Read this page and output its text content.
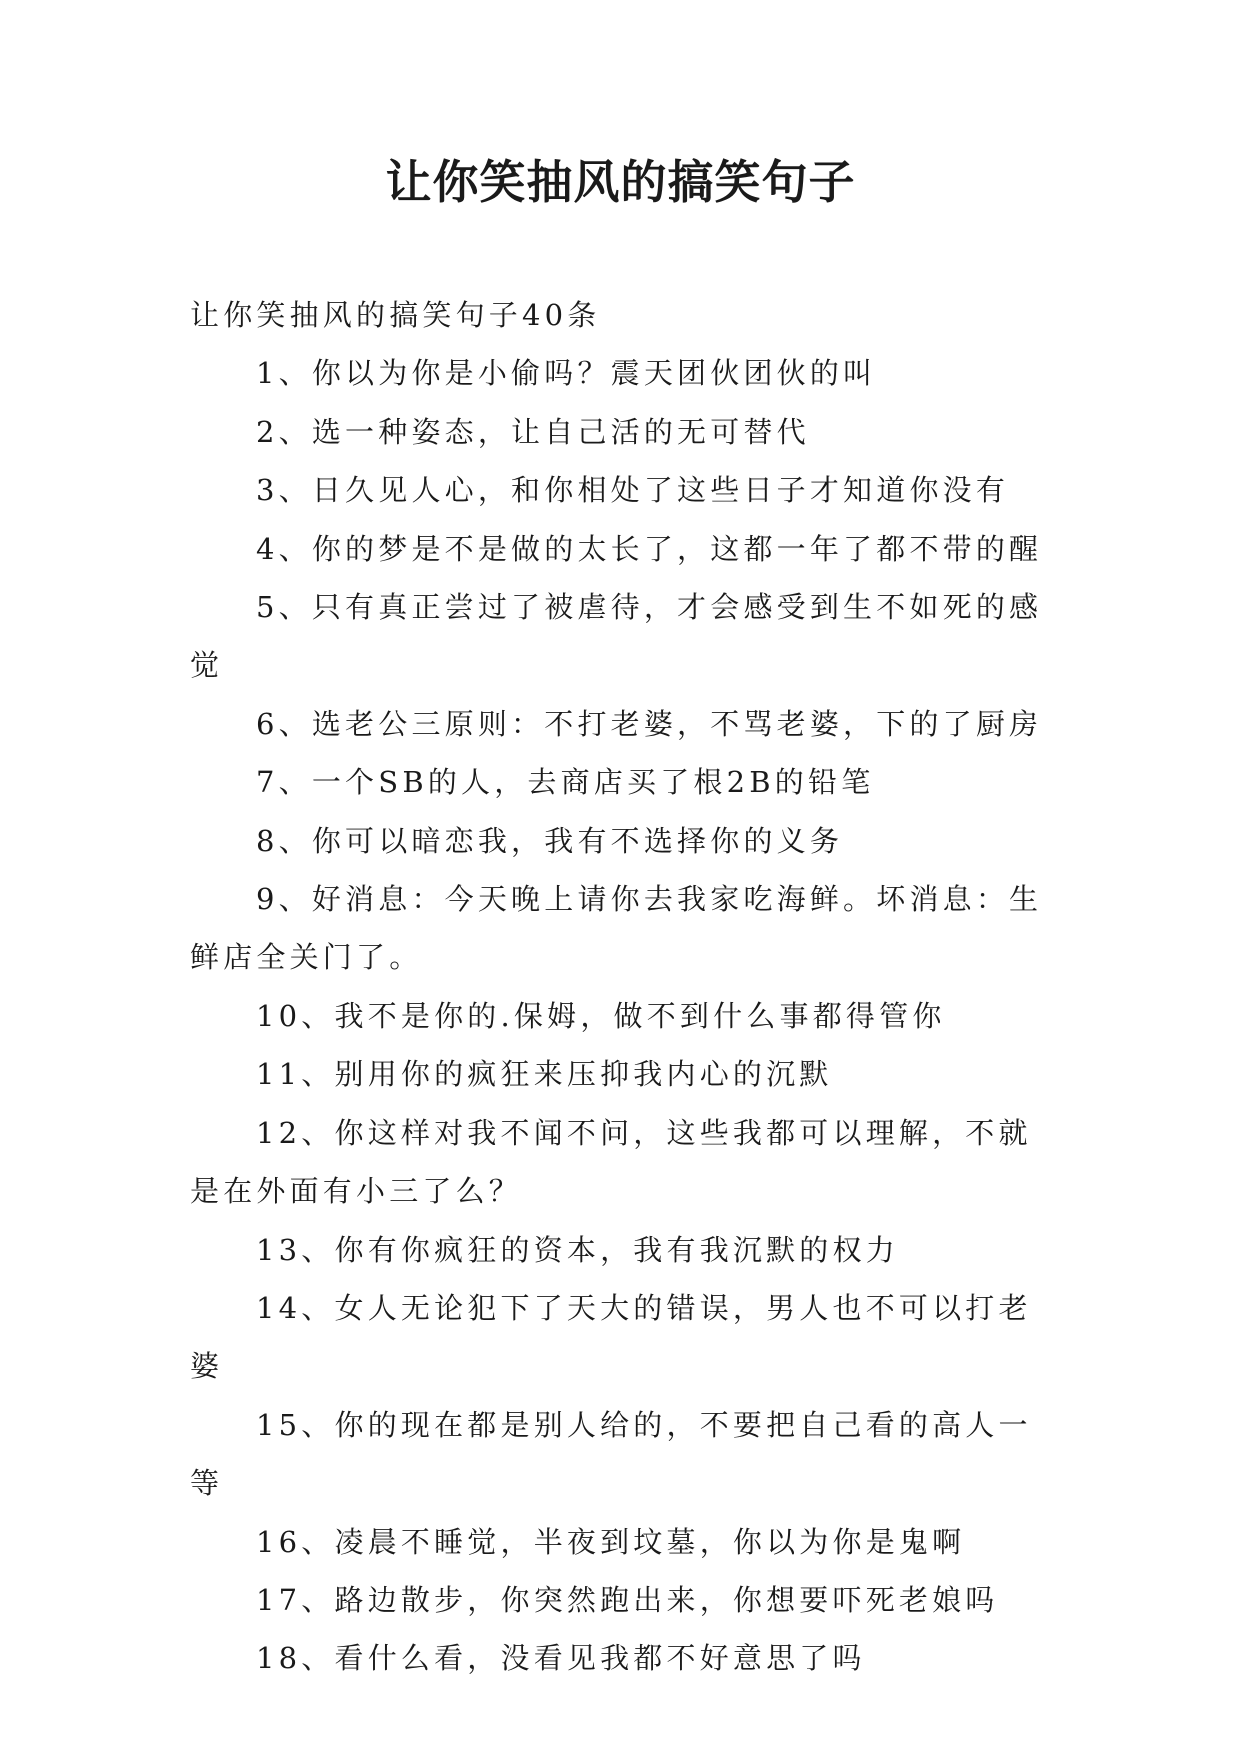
让你笑抽风的搞笑句子

让你笑抽风的搞笑句子40条

1、你以为你是小偷吗？震天团伙团伙的叫

2、选一种姿态，让自己活的无可替代

3、日久见人心，和你相处了这些日子才知道你没有

4、你的梦是不是做的太长了，这都一年了都不带的醒

5、只有真正尝过了被虐待，才会感受到生不如死的感觉

6、选老公三原则：不打老婆，不骂老婆，下的了厨房

7、一个SB的人，去商店买了根2B的铅笔

8、你可以暗恋我，我有不选择你的义务

9、好消息：今天晚上请你去我家吃海鲜。坏消息：生鲜店全关门了。

10、我不是你的.保姆，做不到什么事都得管你

11、别用你的疯狂来压抑我内心的沉默

12、你这样对我不闻不问，这些我都可以理解，不就是在外面有小三了么？

13、你有你疯狂的资本，我有我沉默的权力

14、女人无论犯下了天大的错误，男人也不可以打老婆

15、你的现在都是别人给的，不要把自己看的高人一等

16、凌晨不睡觉，半夜到坟墓，你以为你是鬼啊

17、路边散步，你突然跑出来，你想要吓死老娘吗

18、看什么看，没看见我都不好意思了吗
